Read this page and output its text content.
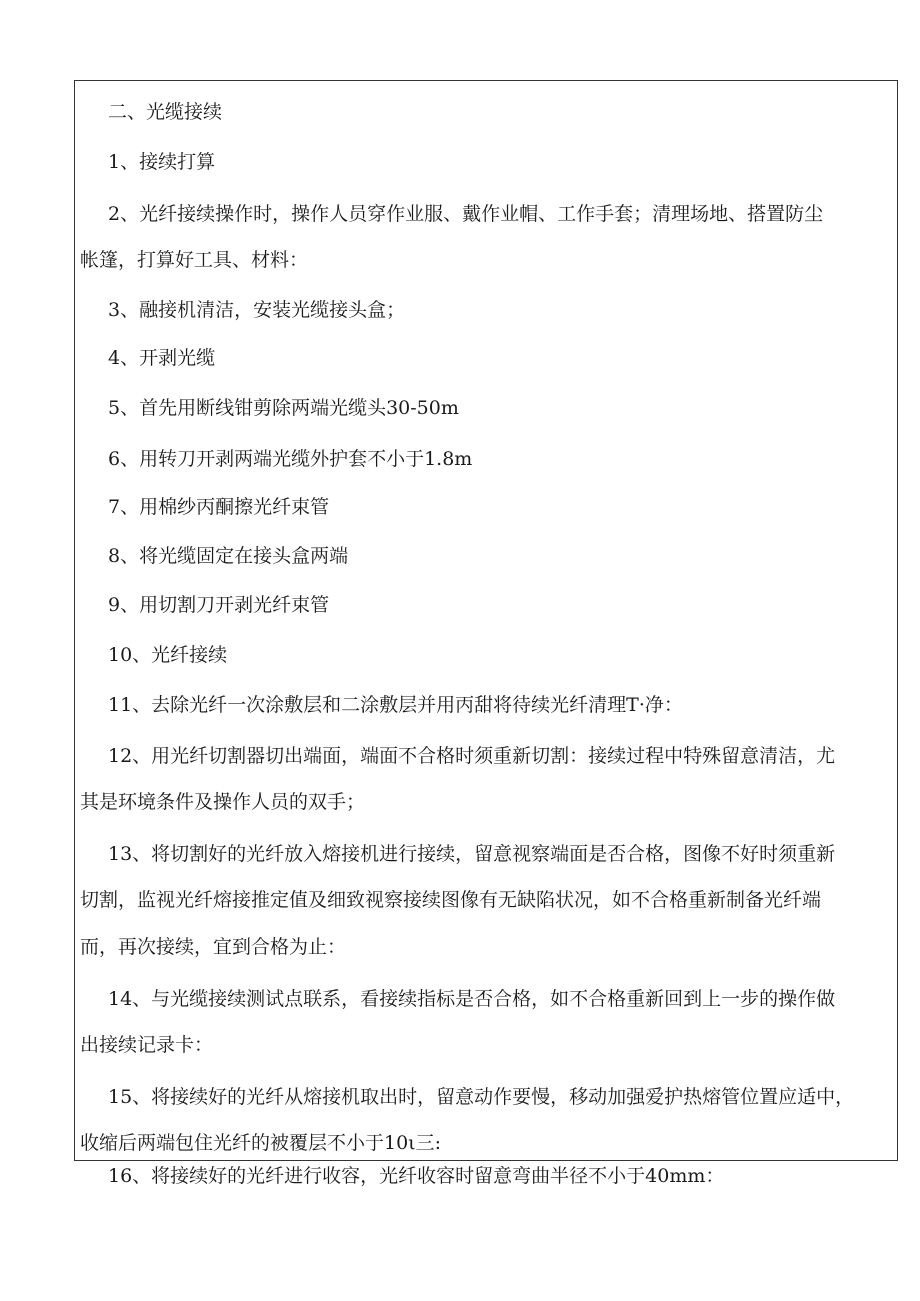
二、光缆接续

1、接续打算

2、光纤接续操作时，操作人员穿作业服、戴作业帽、工作手套；清理场地、搭置防尘

帐篷，打算好工具、材料：

3、融接机清洁，安装光缆接头盒；

4、开剥光缆

5、首先用断线钳剪除两端光缆头30-50m

6、用转刀开剥两端光缆外护套不小于1.8m

7、用棉纱丙酮擦光纤束管

8、将光缆固定在接头盒两端

9、用切割刀开剥光纤束管

10、光纤接续

11、去除光纤一次涂敷层和二涂敷层并用丙甜将待续光纤清理T·净：

12、用光纤切割器切出端面，端面不合格时须重新切割：接续过程中特殊留意清洁，尤

其是环境条件及操作人员的双手；

13、将切割好的光纤放入熔接机进行接续，留意视察端面是否合格，图像不好时须重新

切割，监视光纤熔接推定值及细致视察接续图像有无缺陷状况，如不合格重新制备光纤端

而，再次接续，宜到合格为止：

14、与光缆接续测试点联系，看接续指标是否合格，如不合格重新回到上一步的操作做

出接续记录卡：

15、将接续好的光纤从熔接机取出时，留意动作要慢，移动加强爱护热熔管位置应适中，

收缩后两端包住光纤的被覆层不小于10ι三:

16、将接续好的光纤进行收容，光纤收容时留意弯曲半径不小于40mm：
